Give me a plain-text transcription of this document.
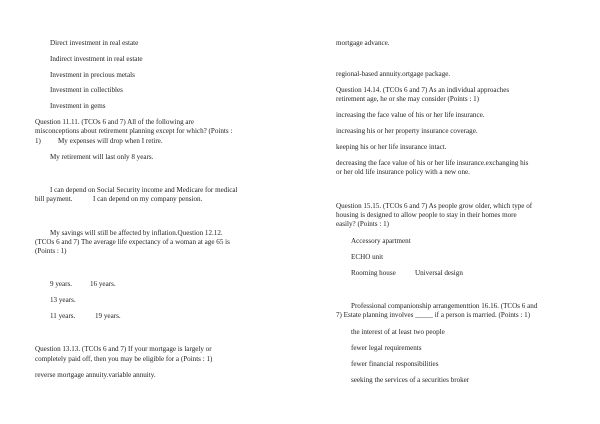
Direct investment in real estate
Indirect investment in real estate
Investment in precious metals
Investment in collectibles
Investment in gems
Question 11.11. (TCOs 6 and 7) All of the following are
misconceptions about retirement planning except for which? (Points :
1) My expenses will drop when I retire.
My retirement will last only 8 years.
I can depend on Social Security income and Medicare for medical
bill payment.	I can depend on my company pension.
My savings will still be affected by inflation.Question 12.12.
(TCOs 6 and 7) The average life expectancy of a woman at age 65 is
(Points : 1)
9 years.	16 years.
13 years.
11 years.	19 years.
Question 13.13. (TCOs 6 and 7) If your mortgage is largely or
completely paid off, then you may be eligible for a (Points : 1)
reverse mortgage annuity.variable annuity.
mortgage advance.
regional-based annuity.ortgage package.
Question 14.14. (TCOs 6 and 7) As an individual approaches
retirement age, he or she may consider (Points : 1)
increasing the face value of his or her life insurance.
increasing his or her property insurance coverage.
keeping his or her life insurance intact.
decreasing the face value of his or her life insurance.exchanging his
or her old life insurance policy with a new one.
Question 15.15. (TCOs 6 and 7) As people grow older, which type of
housing is designed to allow people to stay in their homes more
easily? (Points : 1)
Accessory apartment
ECHO unit
Rooming house	Universal design
Professional companionship arrangementtion 16.16. (TCOs 6 and
7) Estate planning involves _____ if a person is married. (Points : 1)
the interest of at least two people
fewer legal requirements
fewer financial responsibilities
seeking the services of a securities broker
